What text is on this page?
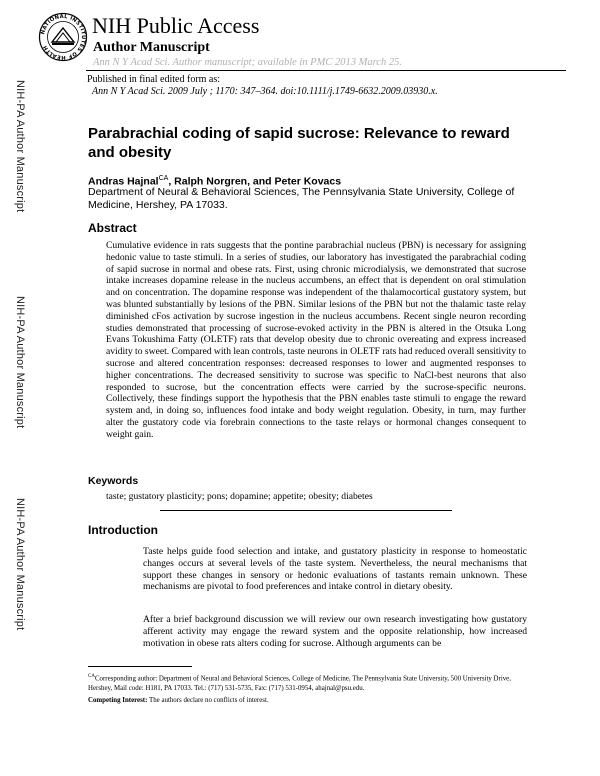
NATIONAL INSTITUTES OF HEALTH
NIH Public Access
Author Manuscript
Ann N Y Acad Sci. Author manuscript; available in PMC 2013 March 25.
NIH-PA Author Manuscript
NIH-PA Author Manuscript
NIH-PA Author Manuscript
Published in final edited form as:
Ann N Y Acad Sci. 2009 July ; 1170: 347–364. doi:10.1111/j.1749-6632.2009.03930.x.
Parabrachial coding of sapid sucrose: Relevance to reward and obesity
Andras Hajnal$^{CA}$, Ralph Norgren, and Peter Kovacs
Department of Neural & Behavioral Sciences, The Pennsylvania State University, College of Medicine, Hershey, PA 17033.
Abstract
Cumulative evidence in rats suggests that the pontine parabrachial nucleus (PBN) is necessary for assigning hedonic value to taste stimuli. In a series of studies, our laboratory has investigated the parabrachial coding of sapid sucrose in normal and obese rats. First, using chronic microdialysis, we demonstrated that sucrose intake increases dopamine release in the nucleus accumbens, an effect that is dependent on oral stimulation and on concentration. The dopamine response was independent of the thalamocortical gustatory system, but was blunted substantially by lesions of the PBN. Similar lesions of the PBN but not the thalamic taste relay diminished cFos activation by sucrose ingestion in the nucleus accumbens. Recent single neuron recording studies demonstrated that processing of sucrose-evoked activity in the PBN is altered in the Otsuka Long Evans Tokushima Fatty (OLETF) rats that develop obesity due to chronic overeating and express increased avidity to sweet. Compared with lean controls, taste neurons in OLETF rats had reduced overall sensitivity to sucrose and altered concentration responses: decreased responses to lower and augmented responses to higher concentrations. The decreased sensitivity to sucrose was specific to NaCl-best neurons that also responded to sucrose, but the concentration effects were carried by the sucrose-specific neurons. Collectively, these findings support the hypothesis that the PBN enables taste stimuli to engage the reward system and, in doing so, influences food intake and body weight regulation. Obesity, in turn, may further alter the gustatory code via forebrain connections to the taste relays or hormonal changes consequent to weight gain.
Keywords
taste; gustatory plasticity; pons; dopamine; appetite; obesity; diabetes
Introduction
Taste helps guide food selection and intake, and gustatory plasticity in response to homeostatic changes occurs at several levels of the taste system. Nevertheless, the neural mechanisms that support these changes in sensory or hedonic evaluations of tastants remain unknown. These mechanisms are pivotal to food preferences and intake control in dietary obesity.
After a brief background discussion we will review our own research investigating how gustatory afferent activity may engage the reward system and the opposite relationship, how increased motivation in obese rats alters coding for sucrose. Although arguments can be
$^{CA}$Corresponding author: Department of Neural and Behavioral Sciences, College of Medicine, The Pennsylvania State University, 500 University Drive, Hershey, Mail code: H181, PA 17033. Tel.: (717) 531-5735, Fax: (717) 531-0954, ahajnal@psu.edu.
Competing Interest: The authors declare no conflicts of interest.
